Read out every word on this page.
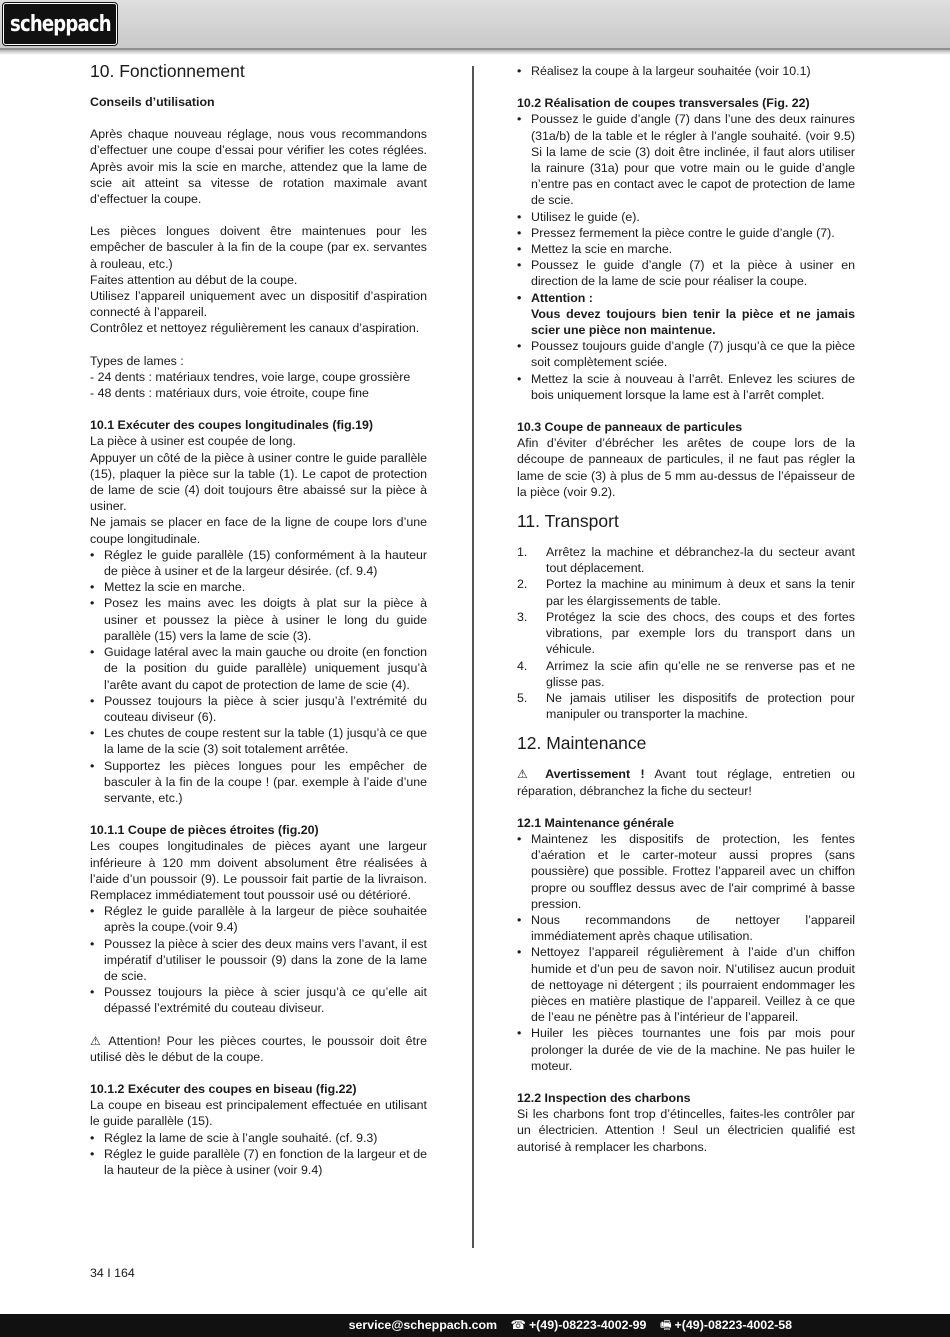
scheppach
10. Fonctionnement
Conseils d’utilisation

Après chaque nouveau réglage, nous vous recommandons d’effectuer une coupe d’essai pour vérifier les cotes réglées. Après avoir mis la scie en marche, attendez que la lame de scie ait atteint sa vitesse de rotation maximale avant d’effectuer la coupe.

Les pièces longues doivent être maintenues pour les empêcher de basculer à la fin de la coupe (par ex. servantes à rouleau, etc.)

Faites attention au début de la coupe.

Utilisez l’appareil uniquement avec un dispositif d’aspiration connecté à l’appareil.

Contrôlez et nettoyez régulièrement les canaux d’aspiration.

Types de lames :

- 24 dents : matériaux tendres, voie large, coupe grossière

- 48 dents : matériaux durs, voie étroite, coupe fine

10.1 Exécuter des coupes longitudinales (fig.19)

La pièce à usiner est coupée de long.

Appuyer un côté de la pièce à usiner contre le guide parallèle (15), plaquer la pièce sur la table (1). Le capot de protection de lame de scie (4) doit toujours être abaissé sur la pièce à usiner.

Ne jamais se placer en face de la ligne de coupe lors d’une coupe longitudinale.

• Réglez le guide parallèle (15) conformément à la hauteur de pièce à usiner et de la largeur désirée. (cf. 9.4)
• Mettez la scie en marche.
• Posez les mains avec les doigts à plat sur la pièce à usiner et poussez la pièce à usiner le long du guide parallèle (15) vers la lame de scie (3).
• Guidage latéral avec la main gauche ou droite (en fonction de la position du guide parallèle) uniquement jusqu’à l’arête avant du capot de protection de lame de scie (4).
• Poussez toujours la pièce à scier jusqu’à l’extrémité du couteau diviseur (6).
• Les chutes de coupe restent sur la table (1) jusqu’à ce que la lame de la scie (3) soit totalement arrêtée.
• Supportez les pièces longues pour les empêcher de basculer à la fin de la coupe ! (par. exemple à l’aide d’une servante, etc.)
10.1.1 Coupe de pièces étroites (fig.20)

Les coupes longitudinales de pièces ayant une largeur inférieure à 120 mm doivent absolument être réalisées à l’aide d’un poussoir (9). Le poussoir fait partie de la livraison. Remplacez immédiatement tout poussoir usé ou détérioré.

• Réglez le guide parallèle à la largeur de pièce souhaitée après la coupe.(voir 9.4)
• Poussez la pièce à scier des deux mains vers l’avant, il est impératif d’utiliser le poussoir (9) dans la zone de la lame de scie.
• Poussez toujours la pièce à scier jusqu’à ce qu’elle ait dépassé l’extrémité du couteau diviseur.

⚠ Attention! Pour les pièces courtes, le poussoir doit être utilisé dès le début de la coupe.

10.1.2 Exécuter des coupes en biseau (fig.22)

La coupe en biseau est principalement effectuée en utilisant le guide parallèle (15).

• Réglez la lame de scie à l’angle souhaité. (cf. 9.3)
• Réglez le guide parallèle (7) en fonction de la largeur et de la hauteur de la pièce à usiner (voir 9.4)
• Réalisez la coupe à la largeur souhaitée (voir 10.1)
10.2 Réalisation de coupes transversales (Fig. 22)
• Poussez le guide d’angle (7) dans l’une des deux rainures (31a/b) de la table et le régler à l’angle souhaité. (voir 9.5) Si la lame de scie (3) doit être inclinée, il faut alors utiliser la rainure (31a) pour que votre main ou le guide d’angle n’entre pas en contact avec le capot de protection de lame de scie.
• Utilisez le guide (e).
• Pressez fermement la pièce contre le guide d’angle (7).
• Mettez la scie en marche.
• Poussez le guide d’angle (7) et la pièce à usiner en direction de la lame de scie pour réaliser la coupe.
• Attention :
Vous devez toujours bien tenir la pièce et ne jamais scier une pièce non maintenue.
• Poussez toujours guide d’angle (7) jusqu’à ce que la pièce soit complètement sciée.
• Mettez la scie à nouveau à l’arrêt. Enlevez les sciures de bois uniquement lorsque la lame est à l’arrêt complet.
10.3 Coupe de panneaux de particules

Afin d’éviter d’ébrécher les arêtes de coupe lors de la découpe de panneaux de particules, il ne faut pas régler la lame de scie (3) à plus de 5 mm au-dessus de l’épaisseur de la pièce (voir 9.2).

11. Transport
1. Arrêtez la machine et débranchez-la du secteur avant tout déplacement.
2. Portez la machine au minimum à deux et sans la tenir par les élargissements de table.
3. Protégez la scie des chocs, des coups et des fortes vibrations, par exemple lors du transport dans un véhicule.
4. Arrimez la scie afin qu’elle ne se renverse pas et ne glisse pas.
5. Ne jamais utiliser les dispositifs de protection pour manipuler ou transporter la machine.
12. Maintenance

⚠ Avertissement ! Avant tout réglage, entretien ou réparation, débranchez la fiche du secteur!

12.1 Maintenance générale
• Maintenez les dispositifs de protection, les fentes d’aération et le carter-moteur aussi propres (sans poussière) que possible. Frottez l’appareil avec un chiffon propre ou soufflez dessus avec de l'air comprimé à basse pression.
• Nous recommandons de nettoyer l’appareil immédiatement après chaque utilisation.
• Nettoyez l’appareil régulièrement à l’aide d’un chiffon humide et d’un peu de savon noir. N’utilisez aucun produit de nettoyage ni détergent ; ils pourraient endommager les pièces en matière plastique de l’appareil. Veillez à ce que de l’eau ne pénètre pas à l’intérieur de l’appareil.
• Huiler les pièces tournantes une fois par mois pour prolonger la durée de vie de la machine. Ne pas huiler le moteur.
12.2 Inspection des charbons

Si les charbons font trop d’étincelles, faites-les contrôler par un électricien. Attention ! Seul un électricien qualifié est autorisé à remplacer les charbons.

34 I 164
service@scheppach.com ☎ +(49)-08223-4002-99 🖷 +(49)-08223-4002-58
